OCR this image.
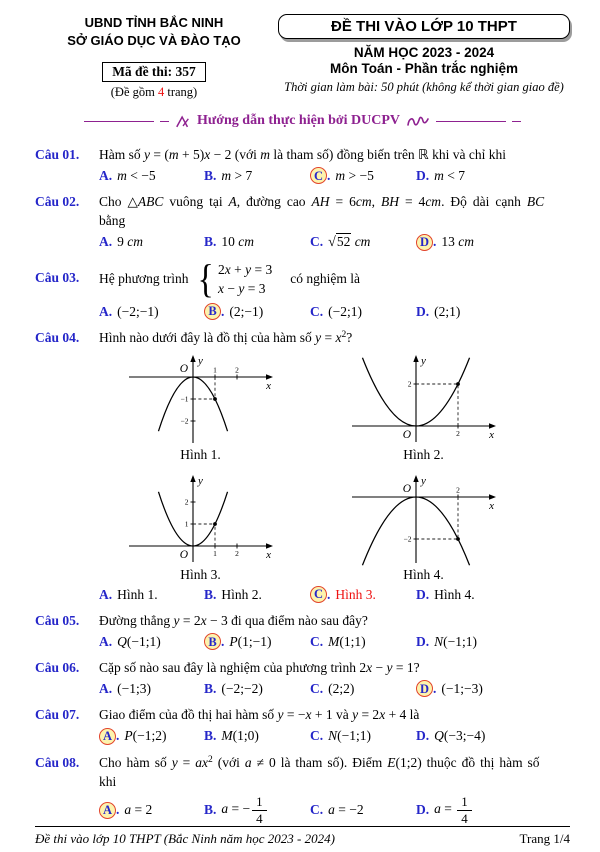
UBND TỈNH BẮC NINH
SỞ GIÁO DỤC VÀ ĐÀO TẠO
Mã đề thi: 357
(Đề gồm 4 trang)
ĐỀ THI VÀO LỚP 10 THPT
NĂM HỌC 2023 - 2024
Môn Toán - Phần trắc nghiệm
Thời gian làm bài: 50 phút (không kể thời gian giao đề)
Hướng dẫn thực hiện bởi DUCPV
Câu 01.	Hàm số y = (m + 5)x − 2 (với m là tham số) đồng biến trên ℝ khi và chỉ khi
A . m < −5	B . m > 7	C . m > −5	D . m < 7
Câu 02.	Cho △ABC vuông tại A, đường cao AH = 6cm, BH = 4cm. Độ dài cạnh BC
bằng
A . 9 cm	B . 10 cm	C . √52 cm	D . 13 cm
Câu 03.	Hệ phương trình { 2x + y = 3
x − y = 3
có nghiệm là
A . (−2;−1)	B . (2;−1)	C . (−2;1)	D . (2;1)
Câu 04.	Hình nào dưới đây là đồ thị của hàm số $y = x^2$?
1 2
−1
−2
y
x
O
Hình 1.
2
2
y
x
O
Hình 2.
1 2
1
2
y
x
O
Hình 3.
2
−2
y
x
O
Hình 4.
A . Hình 1.	B . Hình 2.	C . Hình 3.	D . Hình 4.
Câu 05.	Đường thẳng y = 2x − 3 đi qua điểm nào sau đây?
A . Q(−1;1)	B . P(1;−1)	C . M(1;1)	D . N(−1;1)
Câu 06.	Cặp số nào sau đây là nghiệm của phương trình 2x − y = 1?
A . (−1;3)	B . (−2;−2)	C . (2;2)	D . (−1;−3)
Câu 07.	Giao điểm của đồ thị hai hàm số y = −x + 1 và y = 2x + 4 là
A . P(−1;2)	B . M(1;0)	C . N(−1;1)	D . Q(−3;−4)
Câu 08.	Cho hàm số $y = ax^2$ (với a ≠ 0 là tham số). Điểm E(1;2) thuộc đồ thị hàm số
khi
A . a = 2	B . a = − $\frac{1}{4}$	C . a = −2	D . $a = \frac{1}{4}$
Đề thi vào lớp 10 THPT (Bắc Ninh năm học 2023 - 2024)	Trang 1/4
